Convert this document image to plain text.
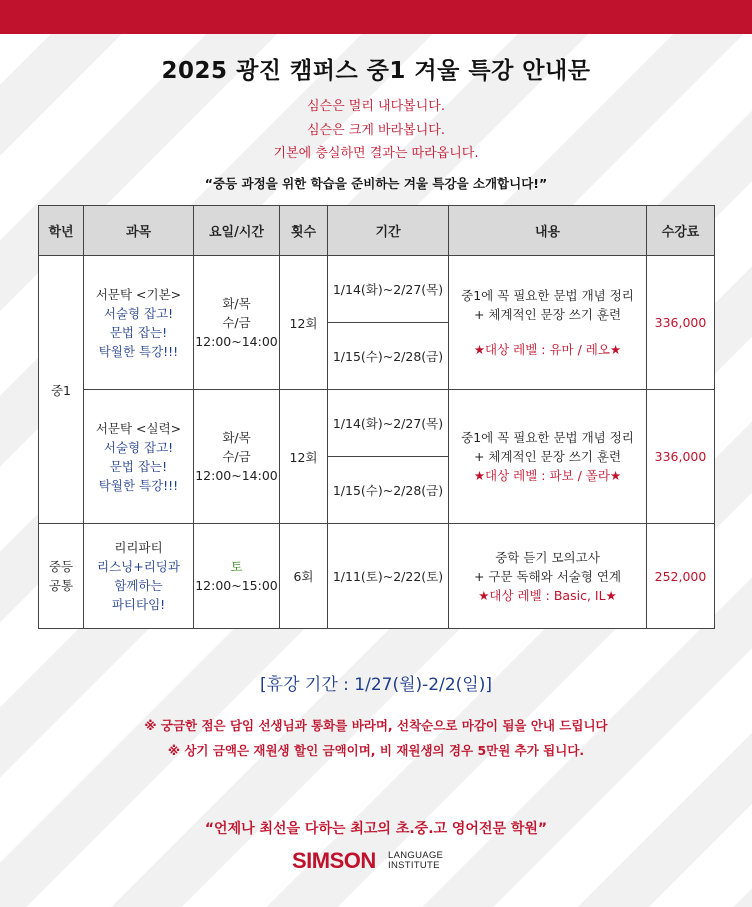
2025 광진 캠퍼스 중1 겨울 특강 안내문
심슨은 멀리 내다봅니다.
심슨은 크게 바라봅니다.
기본에 충실하면 결과는 따라옵니다.
“중등 과정을 위한 학습을 준비하는 겨울 특강을 소개합니다!”
학년	과목	요일/시간	횟수	기간	내용	수강료
중1	서문탁 <기본>
서술형 잡고!
문법 잡는!
탁월한 특강!!!	화/목
수/금
12:00~14:00	12회	1/14(화)~2/27(목)	중1에 꼭 필요한 문법 개념 정리
+ 체계적인 문장 쓰기 훈련
★대상 레벨 : 유마 / 레오★	336,000
				1/15(수)~2/28(금)		

	서문탁 <실력>
서술형 잡고!
문법 잡는!
탁월한 특강!!!	화/목
수/금
12:00~14:00	12회	1/14(화)~2/27(목)	중1에 꼭 필요한 문법 개념 정리
+ 체계적인 문장 쓰기 훈련
★대상 레벨 : 파보 / 폴라★	336,000
				1/15(수)~2/28(금)		
중등
공통	리리파티
리스닝+리딩과
함께하는
파티타임!	토
12:00~15:00	6회	1/11(토)~2/22(토)	중학 듣기 모의고사
+ 구문 독해와 서술형 연계
★대상 레벨 : Basic, IL★	252,000
[휴강 기간 : 1/27(월)-2/2(일)]
※ 궁금한 점은 담임 선생님과 통화를 바라며, 선착순으로 마감이 됨을 안내 드립니다
※ 상기 금액은 재원생 할인 금액이며, 비 재원생의 경우 5만원 추가 됩니다.
“언제나 최선을 다하는 최고의 초.중.고 영어전문 학원”
SIMSON LANGUAGE
INSTITUTE
